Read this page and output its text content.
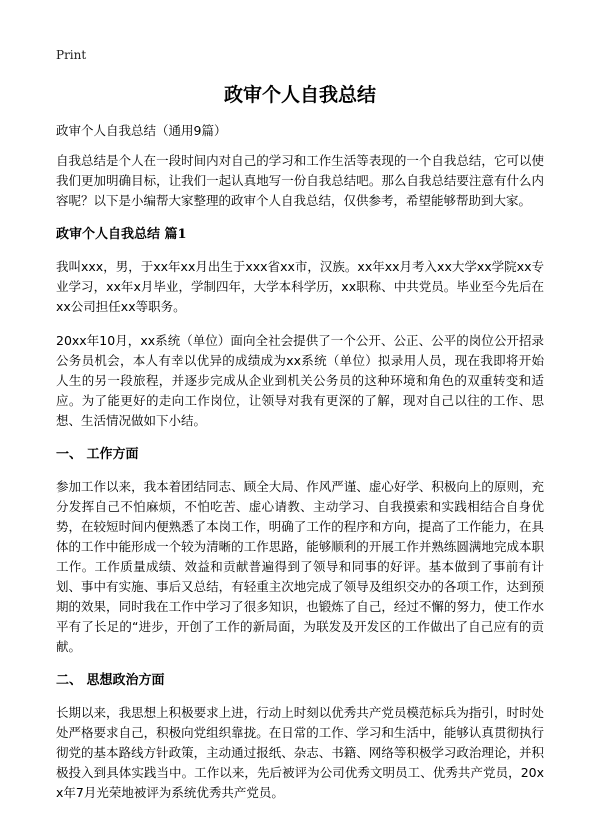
Print
政审个人自我总结

政审个人自我总结（通用9篇）

自我总结是个人在一段时间内对自己的学习和工作生活等表现的一个自我总结，它可以使我们更加明确目标，让我们一起认真地写一份自我总结吧。那么自我总结要注意有什么内容呢？以下是小编帮大家整理的政审个人自我总结，仅供参考，希望能够帮助到大家。

政审个人自我总结 篇1

我叫xxx，男，于xx年xx月出生于xxx省xx市，汉族。xx年xx月考入xx大学xx学院xx专业学习，xx年x月毕业，学制四年，大学本科学历，xx职称、中共党员。毕业至今先后在xx公司担任xx等职务。

20xx年10月，xx系统（单位）面向全社会提供了一个公开、公正、公平的岗位公开招录公务员机会，本人有幸以优异的成绩成为xx系统（单位）拟录用人员，现在我即将开始人生的另一段旅程，并逐步完成从企业到机关公务员的这种环境和角色的双重转变和适应。为了能更好的走向工作岗位，让领导对我有更深的了解，现对自己以往的工作、思想、生活情况做如下小结。

一、 工作方面

参加工作以来，我本着团结同志、顾全大局、作风严谨、虚心好学、积极向上的原则，充分发挥自己不怕麻烦，不怕吃苦、虚心请教、主动学习、自我摸索和实践相结合自身优势，在较短时间内便熟悉了本岗工作，明确了工作的程序和方向，提高了工作能力，在具体的工作中能形成一个较为清晰的工作思路，能够顺利的开展工作并熟练圆满地完成本职工作。工作质量成绩、效益和贡献普遍得到了领导和同事的好评。基本做到了事前有计划、事中有实施、事后又总结，有轻重主次地完成了领导及组织交办的各项工作，达到预期的效果，同时我在工作中学习了很多知识，也锻炼了自己，经过不懈的努力，使工作水平有了长足的“进步，开创了工作的新局面，为联发及开发区的工作做出了自己应有的贡献。

二、 思想政治方面

长期以来，我思想上积极要求上进，行动上时刻以优秀共产党员模范标兵为指引，时时处处严格要求自己，积极向党组织靠拢。在日常的工作、学习和生活中，能够认真贯彻执行彻党的基本路线方针政策，主动通过报纸、杂志、书籍、网络等积极学习政治理论，并积极投入到具体实践当中。工作以来，先后被评为公司优秀文明员工、优秀共产党员，20xx年7月光荣地被评为系统优秀共产党员。
